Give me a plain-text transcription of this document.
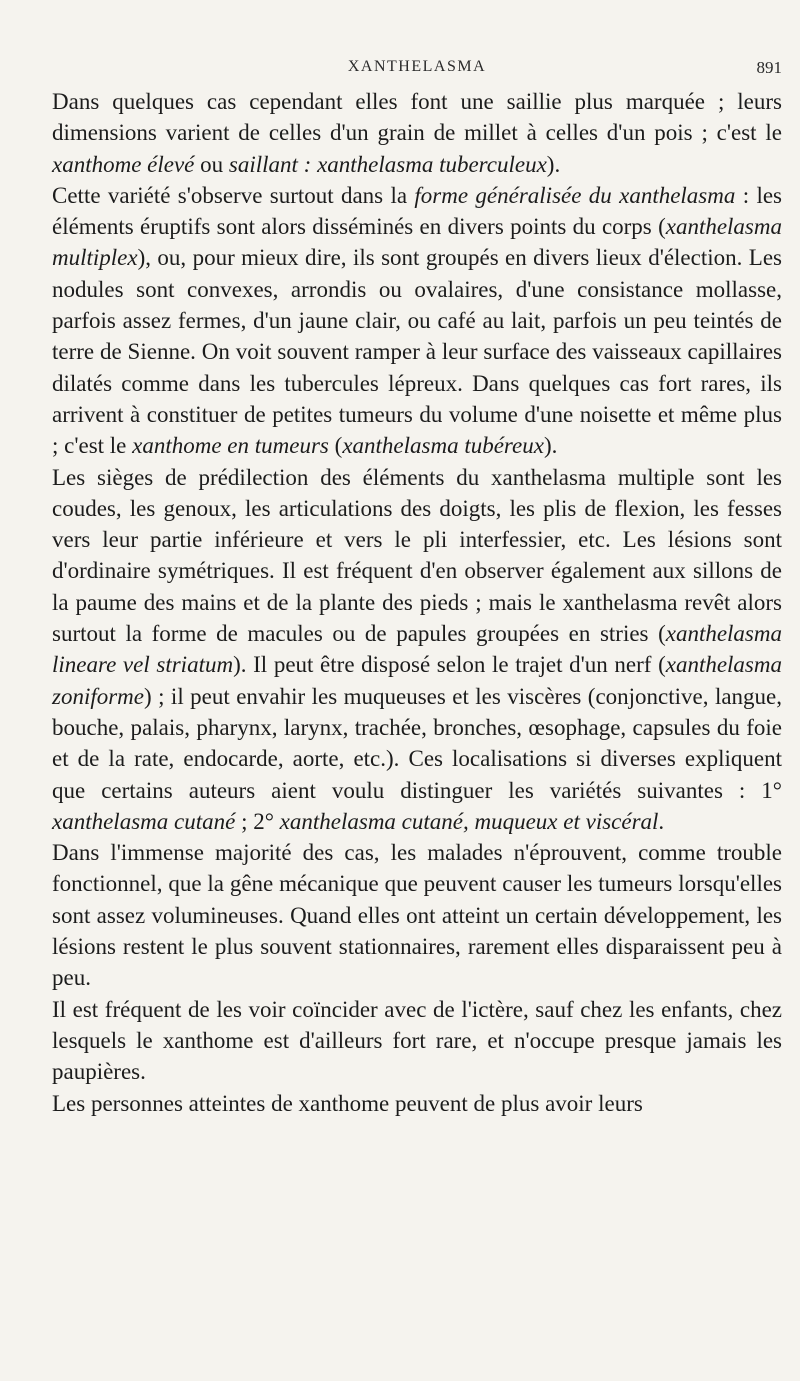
XANTHELASMA	891

Dans quelques cas cependant elles font une saillie plus marquée ; leurs dimensions varient de celles d'un grain de millet à celles d'un pois ; c'est le xanthome élevé ou saillant : xanthelasma tuberculeux).

Cette variété s'observe surtout dans la forme généralisée du xanthelasma : les éléments éruptifs sont alors disséminés en divers points du corps (xanthelasma multiplex), ou, pour mieux dire, ils sont groupés en divers lieux d'élection. Les nodules sont convexes, arrondis ou ovalaires, d'une consistance mollasse, parfois assez fermes, d'un jaune clair, ou café au lait, parfois un peu teintés de terre de Sienne. On voit souvent ramper à leur surface des vaisseaux capillaires dilatés comme dans les tubercules lépreux. Dans quelques cas fort rares, ils arrivent à constituer de petites tumeurs du volume d'une noisette et même plus ; c'est le xanthome en tumeurs (xanthelasma tubéreux).

Les sièges de prédilection des éléments du xanthelasma multiple sont les coudes, les genoux, les articulations des doigts, les plis de flexion, les fesses vers leur partie inférieure et vers le pli interfessier, etc. Les lésions sont d'ordinaire symétriques. Il est fréquent d'en observer également aux sillons de la paume des mains et de la plante des pieds ; mais le xanthelasma revêt alors surtout la forme de macules ou de papules groupées en stries (xanthelasma lineare vel striatum). Il peut être disposé selon le trajet d'un nerf (xanthelasma zoniforme) ; il peut envahir les muqueuses et les viscères (conjonctive, langue, bouche, palais, pharynx, larynx, trachée, bronches, œsophage, capsules du foie et de la rate, endocarde, aorte, etc.). Ces localisations si diverses expliquent que certains auteurs aient voulu distinguer les variétés suivantes : 1° xanthelasma cutané ; 2° xanthelasma cutané, muqueux et viscéral.

Dans l'immense majorité des cas, les malades n'éprouvent, comme trouble fonctionnel, que la gêne mécanique que peuvent causer les tumeurs lorsqu'elles sont assez volumineuses. Quand elles ont atteint un certain développement, les lésions restent le plus souvent stationnaires, rarement elles disparaissent peu à peu.

Il est fréquent de les voir coïncider avec de l'ictère, sauf chez les enfants, chez lesquels le xanthome est d'ailleurs fort rare, et n'occupe presque jamais les paupières.

Les personnes atteintes de xanthome peuvent de plus avoir leurs
